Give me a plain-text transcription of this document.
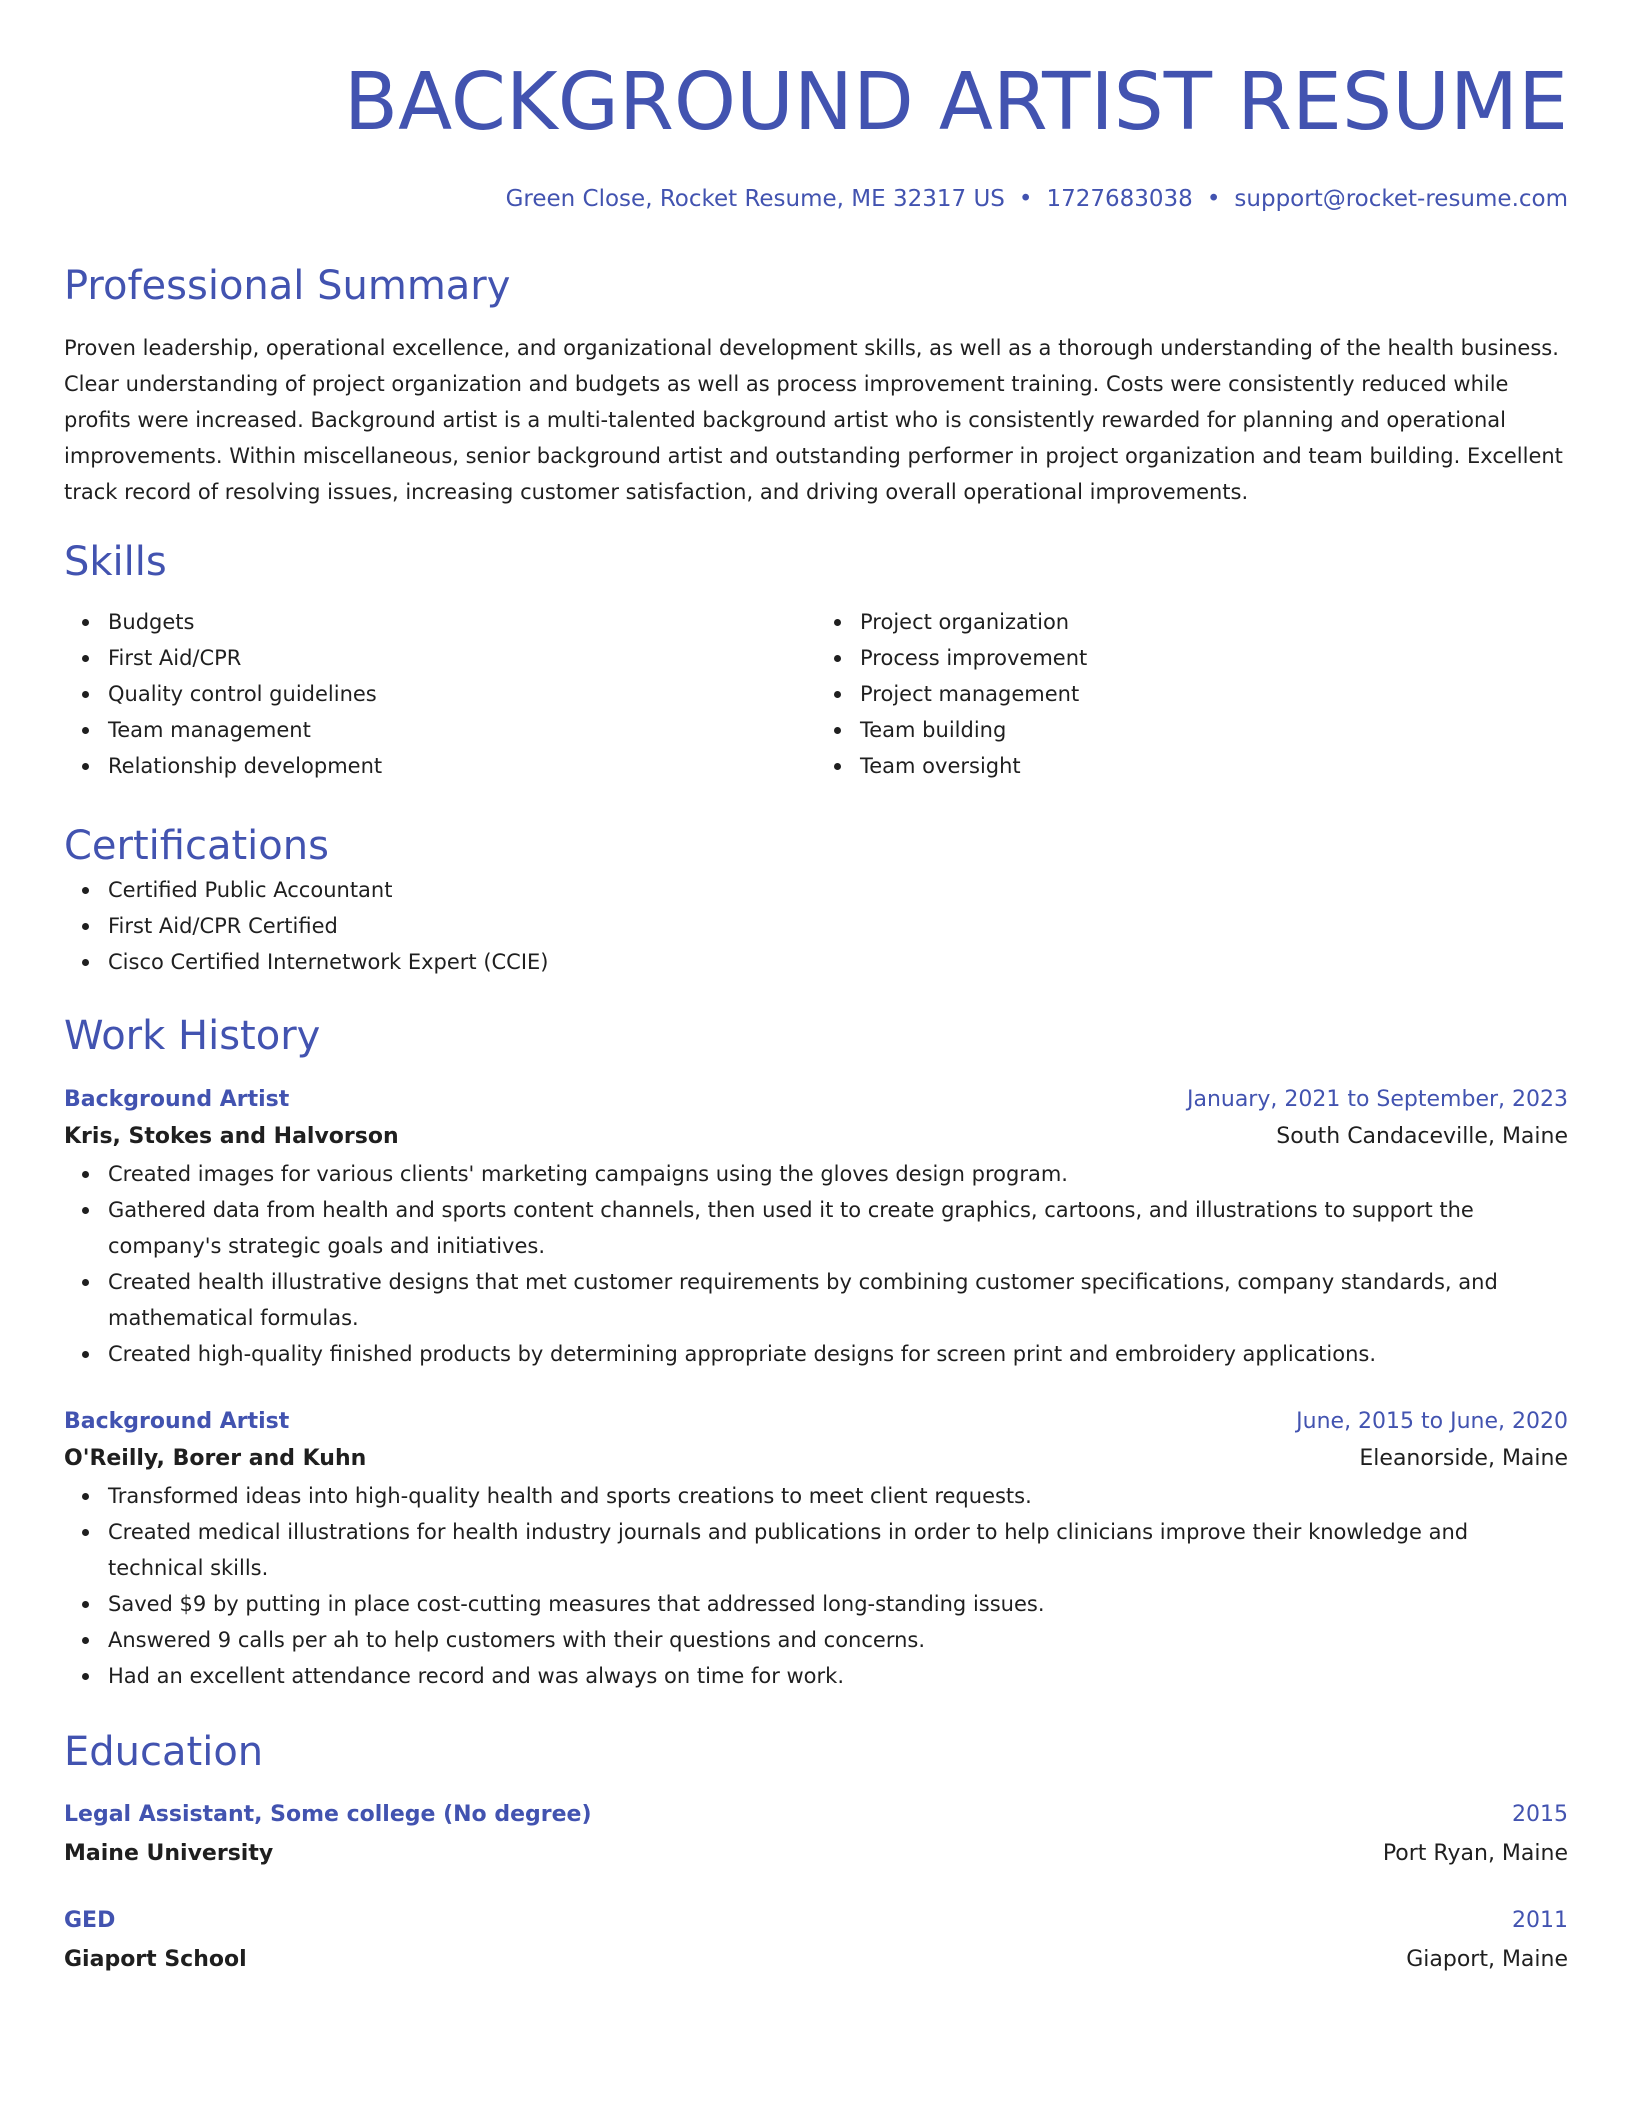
BACKGROUND ARTIST RESUME
Green Close, Rocket Resume, ME 32317 US • 1727683038 • support@rocket-resume.com
Professional Summary
Proven leadership, operational excellence, and organizational development skills, as well as a thorough understanding of the health business. Clear understanding of project organization and budgets as well as process improvement training. Costs were consistently reduced while profits were increased. Background artist is a multi-talented background artist who is consistently rewarded for planning and operational improvements. Within miscellaneous, senior background artist and outstanding performer in project organization and team building. Excellent track record of resolving issues, increasing customer satisfaction, and driving overall operational improvements.
Skills
Budgets
First Aid/CPR
Quality control guidelines
Team management
Relationship development
Project organization
Process improvement
Project management
Team building
Team oversight
Certifications
Certified Public Accountant
First Aid/CPR Certified
Cisco Certified Internetwork Expert (CCIE)
Work History
Background Artist	January, 2021 to September, 2023
Kris, Stokes and Halvorson	South Candaceville, Maine
Created images for various clients' marketing campaigns using the gloves design program.
Gathered data from health and sports content channels, then used it to create graphics, cartoons, and illustrations to support the company's strategic goals and initiatives.
Created health illustrative designs that met customer requirements by combining customer specifications, company standards, and mathematical formulas.
Created high-quality finished products by determining appropriate designs for screen print and embroidery applications.
Background Artist	June, 2015 to June, 2020
O'Reilly, Borer and Kuhn	Eleanorside, Maine
Transformed ideas into high-quality health and sports creations to meet client requests.
Created medical illustrations for health industry journals and publications in order to help clinicians improve their knowledge and technical skills.
Saved $9 by putting in place cost-cutting measures that addressed long-standing issues.
Answered 9 calls per ah to help customers with their questions and concerns.
Had an excellent attendance record and was always on time for work.
Education
Legal Assistant, Some college (No degree)	2015
Maine University	Port Ryan, Maine
GED	2011
Giaport School	Giaport, Maine
